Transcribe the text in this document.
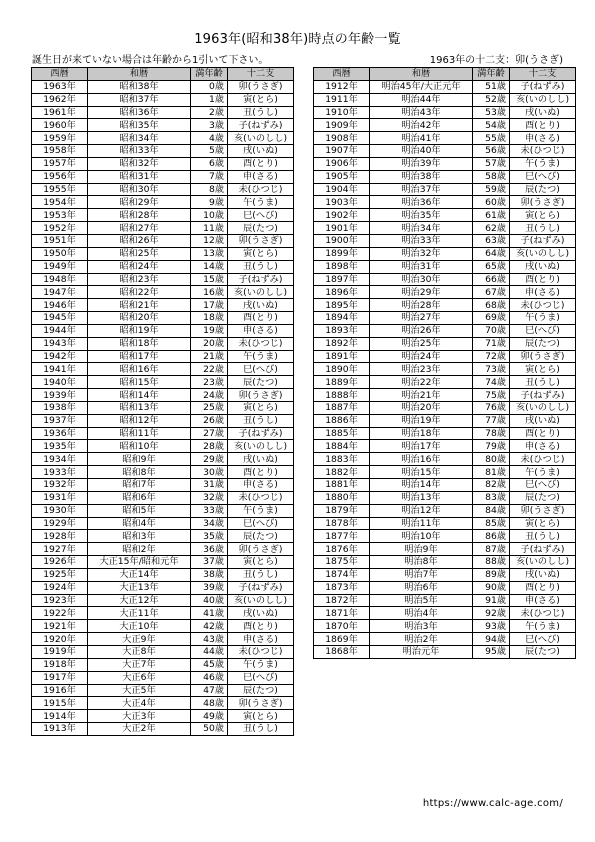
1963年(昭和38年)時点の年齢一覧
誕生日が来ていない場合は年齢から1引いて下さい。	1963年の十二支：卯(うさぎ)
西暦	和暦	満年齢	十二支
1963年	昭和38年	0歳	卯(うさぎ)
1962年	昭和37年	1歳	寅(とら)
1961年	昭和36年	2歳	丑(うし)
1960年	昭和35年	3歳	子(ねずみ)
1959年	昭和34年	4歳	亥(いのしし)
1958年	昭和33年	5歳	戌(いぬ)
1957年	昭和32年	6歳	酉(とり)
1956年	昭和31年	7歳	申(さる)
1955年	昭和30年	8歳	未(ひつじ)
1954年	昭和29年	9歳	午(うま)
1953年	昭和28年	10歳	巳(へび)
1952年	昭和27年	11歳	辰(たつ)
1951年	昭和26年	12歳	卯(うさぎ)
1950年	昭和25年	13歳	寅(とら)
1949年	昭和24年	14歳	丑(うし)
1948年	昭和23年	15歳	子(ねずみ)
1947年	昭和22年	16歳	亥(いのしし)
1946年	昭和21年	17歳	戌(いぬ)
1945年	昭和20年	18歳	酉(とり)
1944年	昭和19年	19歳	申(さる)
1943年	昭和18年	20歳	未(ひつじ)
1942年	昭和17年	21歳	午(うま)
1941年	昭和16年	22歳	巳(へび)
1940年	昭和15年	23歳	辰(たつ)
1939年	昭和14年	24歳	卯(うさぎ)
1938年	昭和13年	25歳	寅(とら)
1937年	昭和12年	26歳	丑(うし)
1936年	昭和11年	27歳	子(ねずみ)
1935年	昭和10年	28歳	亥(いのしし)
1934年	昭和9年	29歳	戌(いぬ)
1933年	昭和8年	30歳	酉(とり)
1932年	昭和7年	31歳	申(さる)
1931年	昭和6年	32歳	未(ひつじ)
1930年	昭和5年	33歳	午(うま)
1929年	昭和4年	34歳	巳(へび)
1928年	昭和3年	35歳	辰(たつ)
1927年	昭和2年	36歳	卯(うさぎ)
1926年	大正15年/昭和元年	37歳	寅(とら)
1925年	大正14年	38歳	丑(うし)
1924年	大正13年	39歳	子(ねずみ)
1923年	大正12年	40歳	亥(いのしし)
1922年	大正11年	41歳	戌(いぬ)
1921年	大正10年	42歳	酉(とり)
1920年	大正9年	43歳	申(さる)
1919年	大正8年	44歳	未(ひつじ)
1918年	大正7年	45歳	午(うま)
1917年	大正6年	46歳	巳(へび)
1916年	大正5年	47歳	辰(たつ)
1915年	大正4年	48歳	卯(うさぎ)
1914年	大正3年	49歳	寅(とら)
1913年	大正2年	50歳	丑(うし)
西暦	和暦	満年齢	十二支
1912年	明治45年/大正元年	51歳	子(ねずみ)
1911年	明治44年	52歳	亥(いのしし)
1910年	明治43年	53歳	戌(いぬ)
1909年	明治42年	54歳	酉(とり)
1908年	明治41年	55歳	申(さる)
1907年	明治40年	56歳	未(ひつじ)
1906年	明治39年	57歳	午(うま)
1905年	明治38年	58歳	巳(へび)
1904年	明治37年	59歳	辰(たつ)
1903年	明治36年	60歳	卯(うさぎ)
1902年	明治35年	61歳	寅(とら)
1901年	明治34年	62歳	丑(うし)
1900年	明治33年	63歳	子(ねずみ)
1899年	明治32年	64歳	亥(いのしし)
1898年	明治31年	65歳	戌(いぬ)
1897年	明治30年	66歳	酉(とり)
1896年	明治29年	67歳	申(さる)
1895年	明治28年	68歳	未(ひつじ)
1894年	明治27年	69歳	午(うま)
1893年	明治26年	70歳	巳(へび)
1892年	明治25年	71歳	辰(たつ)
1891年	明治24年	72歳	卯(うさぎ)
1890年	明治23年	73歳	寅(とら)
1889年	明治22年	74歳	丑(うし)
1888年	明治21年	75歳	子(ねずみ)
1887年	明治20年	76歳	亥(いのしし)
1886年	明治19年	77歳	戌(いぬ)
1885年	明治18年	78歳	酉(とり)
1884年	明治17年	79歳	申(さる)
1883年	明治16年	80歳	未(ひつじ)
1882年	明治15年	81歳	午(うま)
1881年	明治14年	82歳	巳(へび)
1880年	明治13年	83歳	辰(たつ)
1879年	明治12年	84歳	卯(うさぎ)
1878年	明治11年	85歳	寅(とら)
1877年	明治10年	86歳	丑(うし)
1876年	明治9年	87歳	子(ねずみ)
1875年	明治8年	88歳	亥(いのしし)
1874年	明治7年	89歳	戌(いぬ)
1873年	明治6年	90歳	酉(とり)
1872年	明治5年	91歳	申(さる)
1871年	明治4年	92歳	未(ひつじ)
1870年	明治3年	93歳	午(うま)
1869年	明治2年	94歳	巳(へび)
1868年	明治元年	95歳	辰(たつ)
https://www.calc-age.com/
